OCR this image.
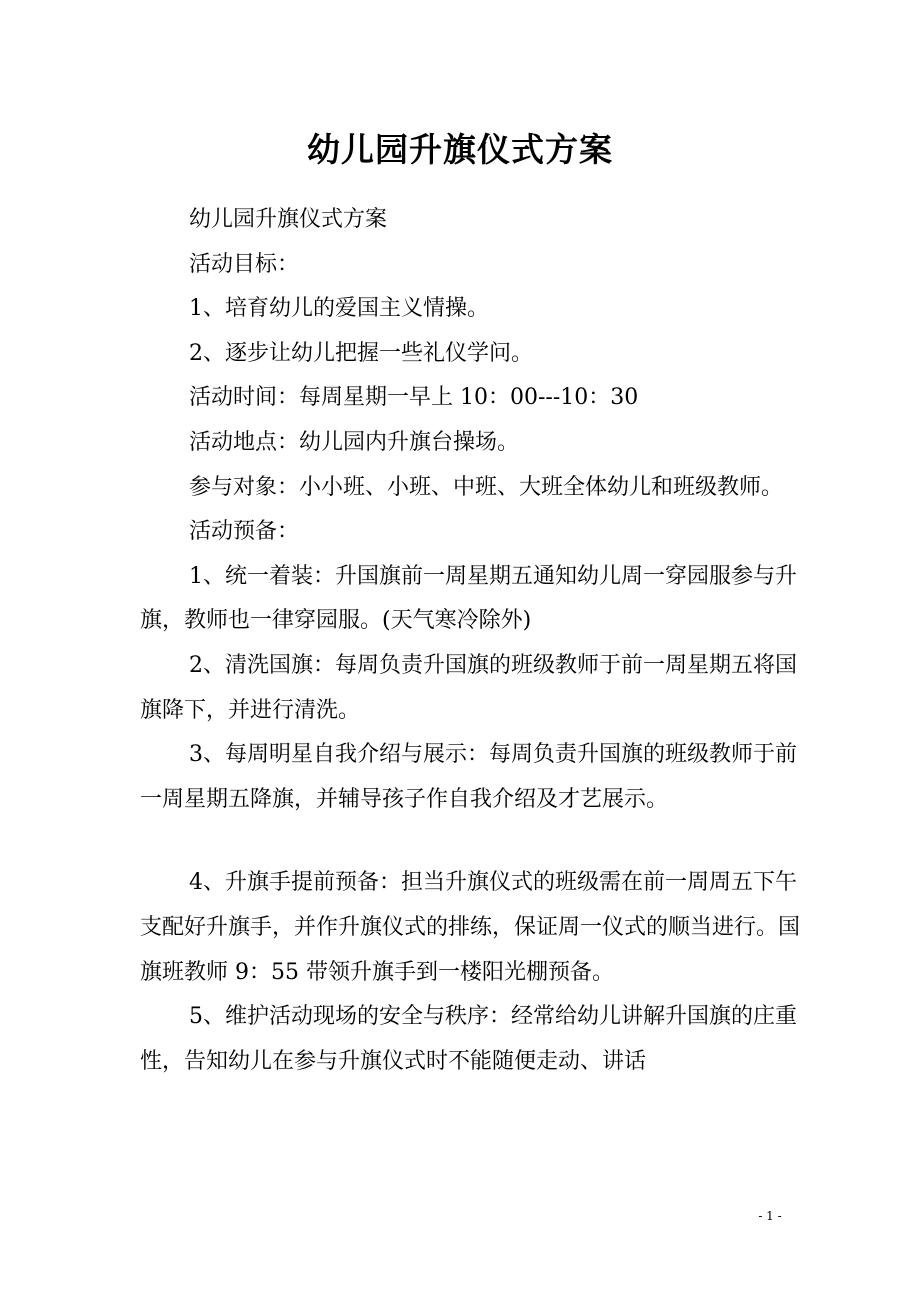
幼儿园升旗仪式方案

幼儿园升旗仪式方案

活动目标：

1、培育幼儿的爱国主义情操。

2、逐步让幼儿把握一些礼仪学问。

活动时间：每周星期一早上 10：00---10：30

活动地点：幼儿园内升旗台操场。

参与对象：小小班、小班、中班、大班全体幼儿和班级教师。

活动预备：

1、统一着装：升国旗前一周星期五通知幼儿周一穿园服参与升旗，教师也一律穿园服。(天气寒冷除外)

2、清洗国旗：每周负责升国旗的班级教师于前一周星期五将国旗降下，并进行清洗。

3、每周明星自我介绍与展示：每周负责升国旗的班级教师于前一周星期五降旗，并辅导孩子作自我介绍及才艺展示。

4、升旗手提前预备：担当升旗仪式的班级需在前一周周五下午支配好升旗手，并作升旗仪式的排练，保证周一仪式的顺当进行。国旗班教师 9：55 带领升旗手到一楼阳光棚预备。

5、维护活动现场的安全与秩序：经常给幼儿讲解升国旗的庄重性，告知幼儿在参与升旗仪式时不能随便走动、讲话

- 1 -
